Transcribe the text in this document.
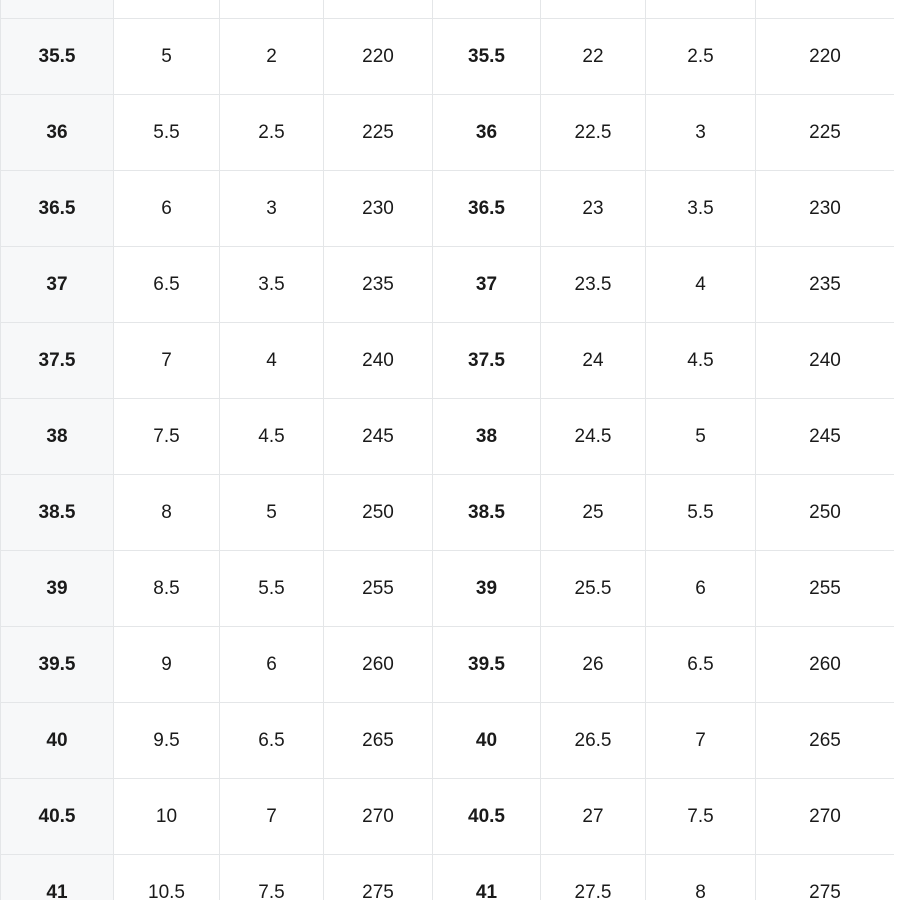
35.5	5	2	220	35.5	22	2.5	220
36	5.5	2.5	225	36	22.5	3	225
36.5	6	3	230	36.5	23	3.5	230
37	6.5	3.5	235	37	23.5	4	235
37.5	7	4	240	37.5	24	4.5	240
38	7.5	4.5	245	38	24.5	5	245
38.5	8	5	250	38.5	25	5.5	250
39	8.5	5.5	255	39	25.5	6	255
39.5	9	6	260	39.5	26	6.5	260
40	9.5	6.5	265	40	26.5	7	265
40.5	10	7	270	40.5	27	7.5	270
41	10.5	7.5	275	41	27.5	8	275
